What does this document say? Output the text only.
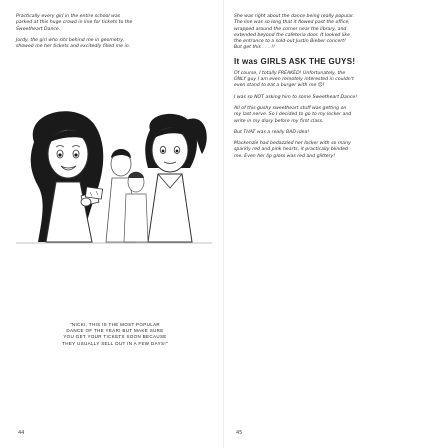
Practically every girl in the entire school was
parked at this huge crowd in line for tickets to the
Sweetheart Dance.

Jordy, the girl who sits behind me in geometry,
showed me her tickets and excitedly filled me in.

"NICKI, THIS IS THE MOST POPULAR
DANCE OF THE YEAR! BUT MAKE SURE
YOU GET YOUR TICKETS SOON BECAUSE
THEY USUALLY SELL OUT IN A FEW DAYS!"
44

She was right about the dance being really popular.
The line was so long that it flowed past the office,
wrapped around the corner near the library, and
extended beyond the cafeteria door. It looked like
the entrance to a sold-out Justin Bieber concert!
But get this . . . !!

It was GIRLS ASK THE GUYS!

Of course, I totally FREAKED! Unfortunately, the
ONLY guy I am even remotely interested in couldn't
even stand to eat a burger with me ☹!

I was so NOT asking him to some Sweetheart Dance!

All of this gushy sweetheart stuff was getting on
my last nerve. So I decided to go to my locker and
write in my diary before my first class.

But THAT was a really BAD idea!

Mackenzie had bedazzled her locker with so many
sparkly red and pink hearts, it practically blinded
me. Even her lip gloss was red and glittery!

45
